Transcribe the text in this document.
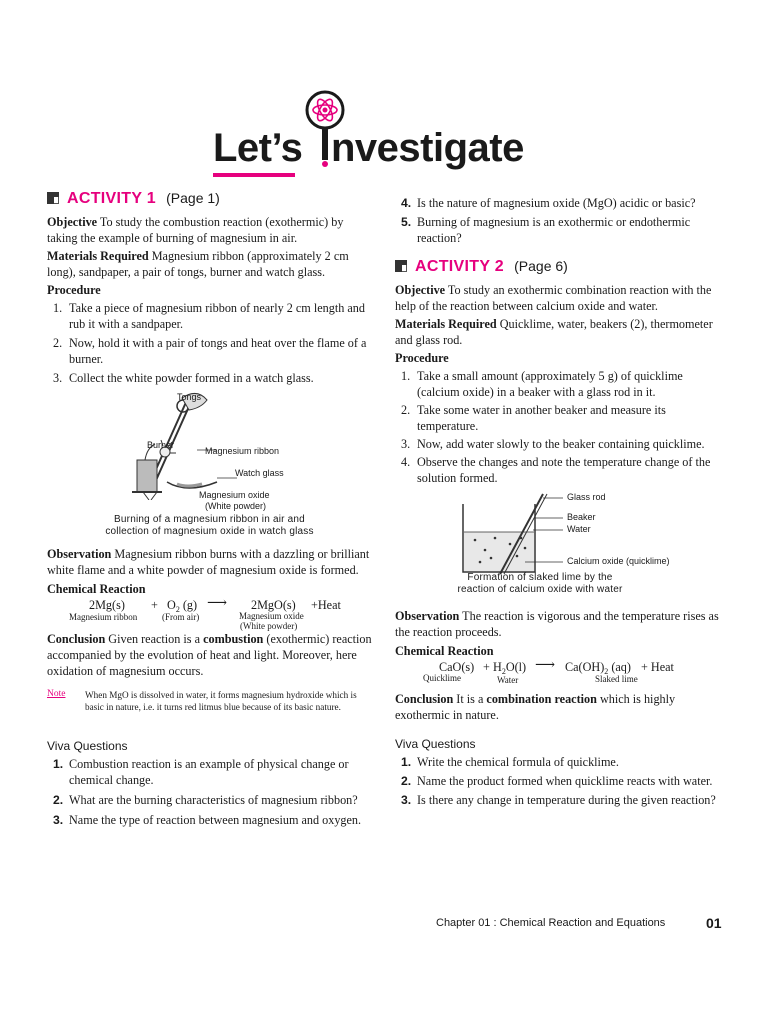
Let’s nvestigate
ACTIVITY 1 (Page 1)

Objective To study the combustion reaction (exothermic) by taking the example of burning of magnesium in air.

Materials Required Magnesium ribbon (approximately 2 cm long), sandpaper, a pair of tongs, burner and watch glass.

Procedure

1. Take a piece of magnesium ribbon of nearly 2 cm length and rub it with a sandpaper.
2. Now, hold it with a pair of tongs and heat over the flame of a burner.
3. Collect the white powder formed in a watch glass.
Tongs
Burner
Magnesium ribbon
Watch glass
Magnesium oxide
(White powder)
Burning of a magnesium ribbon in air and
collection of magnesium oxide in watch glass

Observation Magnesium ribbon burns with a dazzling or brilliant white flame and a white powder of magnesium oxide is formed.

Chemical Reaction

$2Mg(s) + O_2$ (g) ⟶ 2MgO(s) +Heat
Magnesium ribbon	(From air)	Magnesium oxide
(White powder)

Conclusion Given reaction is a combustion (exothermic) reaction accompanied by the evolution of heat and light. Moreover, here oxidation of magnesium occurs.

Note When MgO is dissolved in water, it forms magnesium hydroxide which is basic in nature, i.e. it turns red litmus blue because of its basic nature.

Viva Questions

1. Combustion reaction is an example of physical change or chemical change.
2. What are the burning characteristics of magnesium ribbon?
3. Name the type of reaction between magnesium and oxygen.
4. Is the nature of magnesium oxide (MgO) acidic or basic?
5. Burning of magnesium is an exothermic or endothermic reaction?
ACTIVITY 2 (Page 6)

Objective To study an exothermic combination reaction with the help of the reaction between calcium oxide and water.

Materials Required Quicklime, water, beakers (2), thermometer and glass rod.

Procedure

1. Take a small amount (approximately 5 g) of quicklime (calcium oxide) in a beaker with a glass rod in it.
2. Take some water in another beaker and measure its temperature.
3. Now, add water slowly to the beaker containing quicklime.
4. Observe the changes and note the temperature change of the solution formed.
Glass rod
Beaker
Water
Calcium oxide (quicklime)
Formation of slaked lime by the
reaction of calcium oxide with water

Observation The reaction is vigorous and the temperature rises as the reaction proceeds.

Chemical Reaction

$CaO(s) + H_2O(l)$ ⟶ $Ca(OH)_2$ (aq) + Heat
Quicklime	Water	Slaked lime

Conclusion It is a combination reaction which is highly exothermic in nature.

Viva Questions

1. Write the chemical formula of quicklime.
2. Name the product formed when quicklime reacts with water.
3. Is there any change in temperature during the given reaction?
Chapter 01 : Chemical Reaction and Equations	01
